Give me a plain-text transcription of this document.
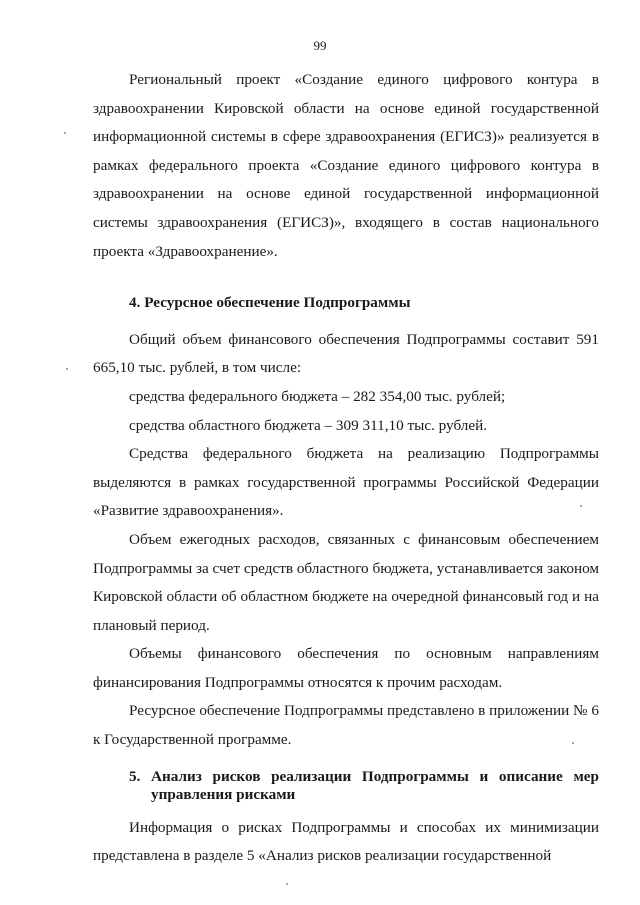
99

Региональный проект «Создание единого цифрового контура в здравоохранении Кировской области на основе единой государственной информационной системы в сфере здравоохранения (ЕГИСЗ)» реализуется в рамках федерального проекта «Создание единого цифрового контура в здравоохранении на основе единой государственной информационной системы здравоохранения (ЕГИСЗ)», входящего в состав национального проекта «Здравоохранение».

4. Ресурсное обеспечение Подпрограммы

Общий объем финансового обеспечения Подпрограммы составит 591 665,10 тыс. рублей, в том числе:

средства федерального бюджета – 282 354,00 тыс. рублей;

средства областного бюджета – 309 311,10 тыс. рублей.

Средства федерального бюджета на реализацию Подпрограммы выделяются в рамках государственной программы Российской Федерации «Развитие здравоохранения».

Объем ежегодных расходов, связанных с финансовым обеспечением Подпрограммы за счет средств областного бюджета, устанавливается законом Кировской области об областном бюджете на очередной финансовый год и на плановый период.

Объемы финансового обеспечения по основным направлениям финансирования Подпрограммы относятся к прочим расходам.

Ресурсное обеспечение Подпрограммы представлено в приложении № 6 к Государственной программе.

5. Анализ рисков реализации Подпрограммы и описание мер управления рисками

Информация о рисках Подпрограммы и способах их минимизации представлена в разделе 5 «Анализ рисков реализации государственной
